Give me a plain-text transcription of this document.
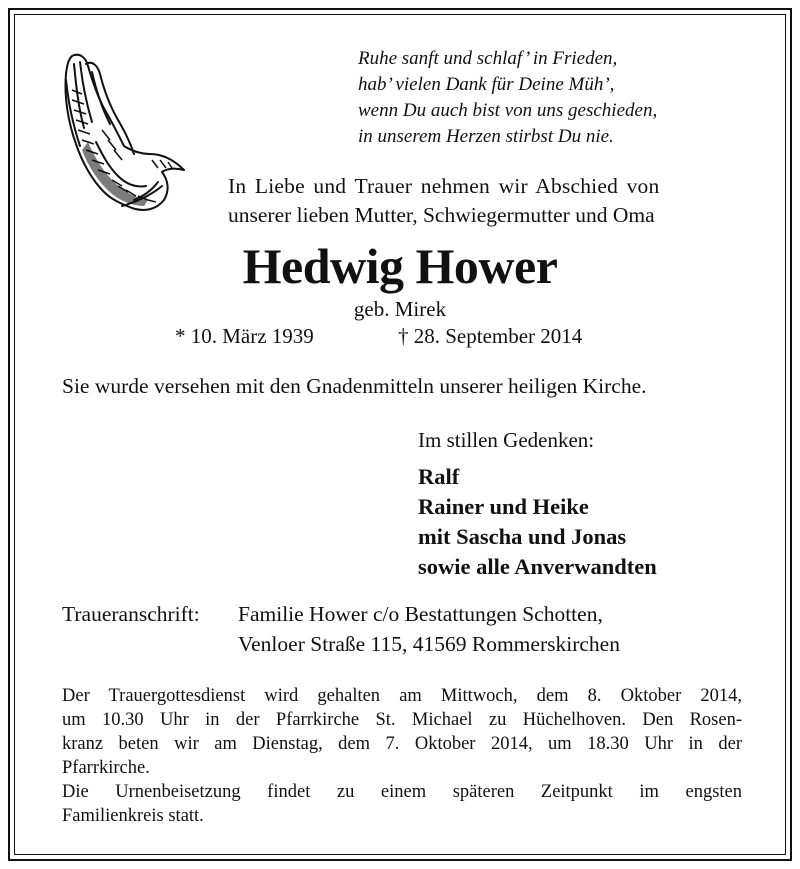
Ruhe sanft und schlaf’ in Frieden,
hab’ vielen Dank für Deine Müh’,
wenn Du auch bist von uns geschieden,
in unserem Herzen stirbst Du nie.
In Liebe und Trauer nehmen wir Abschied von
unserer lieben Mutter, Schwiegermutter und Oma
Hedwig Hower
geb. Mirek
* 10. März 1939	† 28. September 2014
Sie wurde versehen mit den Gnadenmitteln unserer heiligen Kirche.
Im stillen Gedenken:
Ralf
Rainer und Heike
mit Sascha und Jonas
sowie alle Anverwandten
Traueranschrift: Familie Hower c/o Bestattungen Schotten,
Venloer Straße 115, 41569 Rommerskirchen
Der Trauergottesdienst wird gehalten am Mittwoch, dem 8. Oktober 2014,
um 10.30 Uhr in der Pfarrkirche St. Michael zu Hüchelhoven. Den Rosen-
kranz beten wir am Dienstag, dem 7. Oktober 2014, um 18.30 Uhr in der
Pfarrkirche.
Die Urnenbeisetzung findet zu einem späteren Zeitpunkt im engsten
Familienkreis statt.
